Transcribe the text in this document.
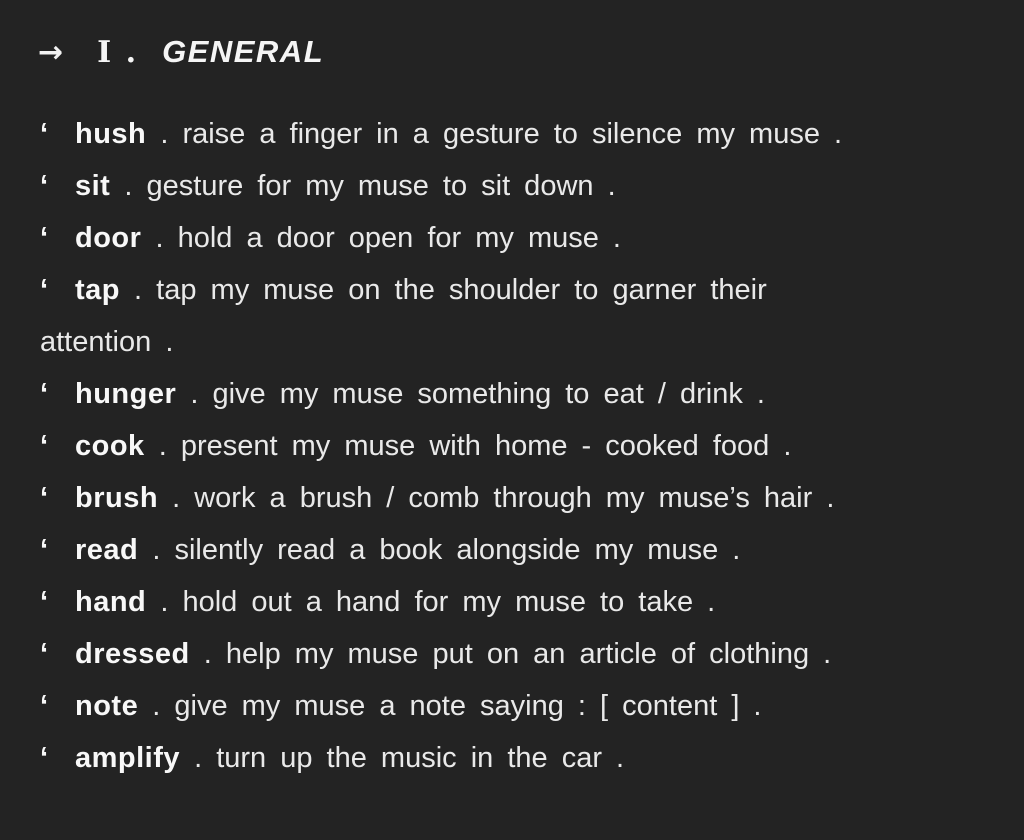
→ I . GENERAL
‘ hush . raise a finger in a gesture to silence my muse .
‘ sit . gesture for my muse to sit down .
‘ door . hold a door open for my muse .
‘ tap . tap my muse on the shoulder to garner their
attention .
‘ hunger . give my muse something to eat / drink .
‘ cook . present my muse with home - cooked food .
‘ brush . work a brush / comb through my muse’s hair .
‘ read . silently read a book alongside my muse .
‘ hand . hold out a hand for my muse to take .
‘ dressed . help my muse put on an article of clothing .
‘ note . give my muse a note saying : [ content ] .
‘ amplify . turn up the music in the car .
